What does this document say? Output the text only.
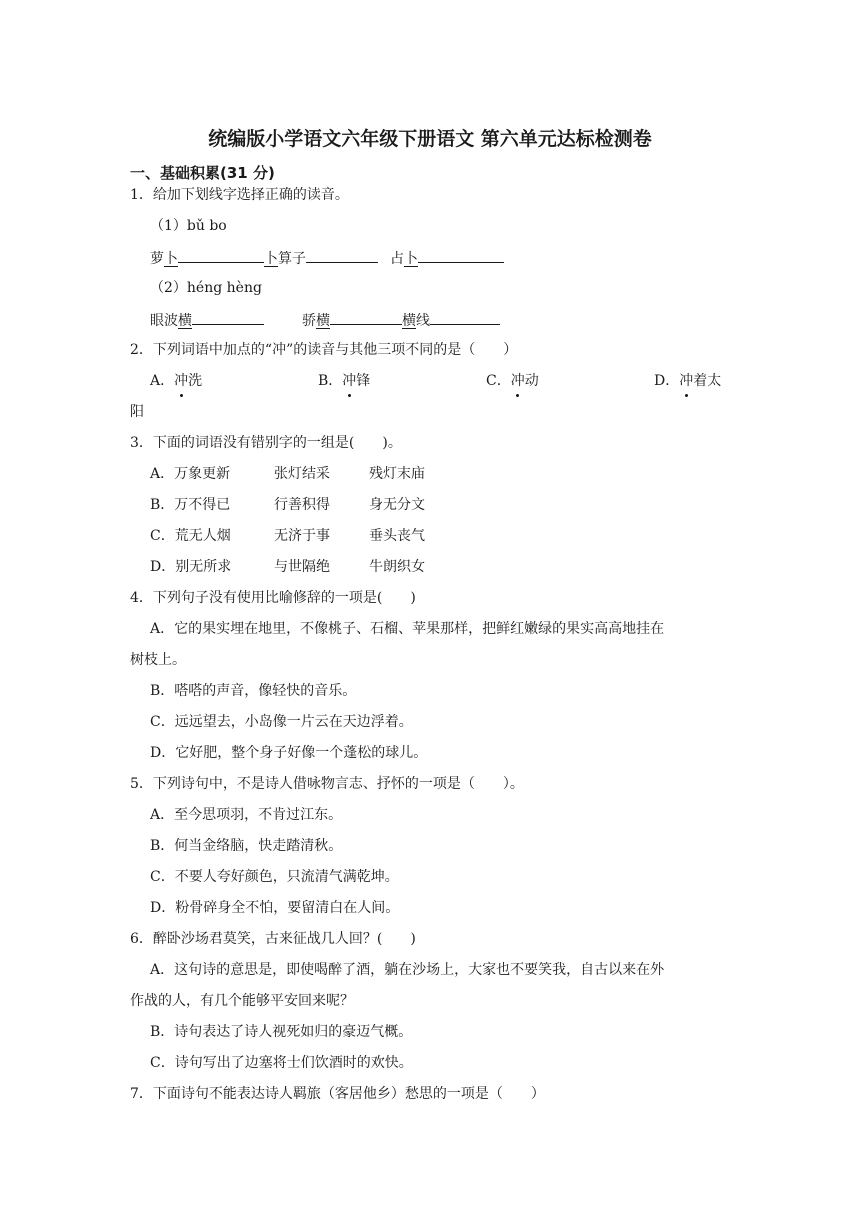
统编版小学语文六年级下册语文 第六单元达标检测卷
一、基础积累(31 分)
1．给加下划线字选择正确的读音。
（1）bǔ bo
萝卜	卜算子	占卜
（2）héng hèng
眼波横	骄横	横线
2．下列词语中加点的“冲”的读音与其他三项不同的是（　　）
A．冲洗	B．冲锋	C．冲动	D．冲着太
阳
3．下面的词语没有错别字的一组是(　　)。
A．万象更新	张灯结采	残灯末庙
B．万不得已	行善积得	身无分文
C．荒无人烟	无济于事	垂头丧气
D．别无所求	与世隔绝	牛朗织女
4．下列句子没有使用比喻修辞的一项是(　　)
A．它的果实埋在地里，不像桃子、石榴、苹果那样，把鲜红嫩绿的果实高高地挂在
树枝上。
B．嗒嗒的声音，像轻快的音乐。
C．远远望去，小岛像一片云在天边浮着。
D．它好肥，整个身子好像一个蓬松的球儿。
5．下列诗句中，不是诗人借咏物言志、抒怀的一项是（　　）。
A．至今思项羽，不肯过江东。
B．何当金络脑，快走踏清秋。
C．不要人夸好颜色，只流清气满乾坤。
D．粉骨碎身全不怕，要留清白在人间。
6．醉卧沙场君莫笑，古来征战几人回？(　　)
A．这句诗的意思是，即使喝醉了酒，躺在沙场上，大家也不要笑我，自古以来在外
作战的人，有几个能够平安回来呢？
B．诗句表达了诗人视死如归的豪迈气概。
C．诗句写出了边塞将士们饮酒时的欢快。
7．下面诗句不能表达诗人羁旅（客居他乡）愁思的一项是（　　）
